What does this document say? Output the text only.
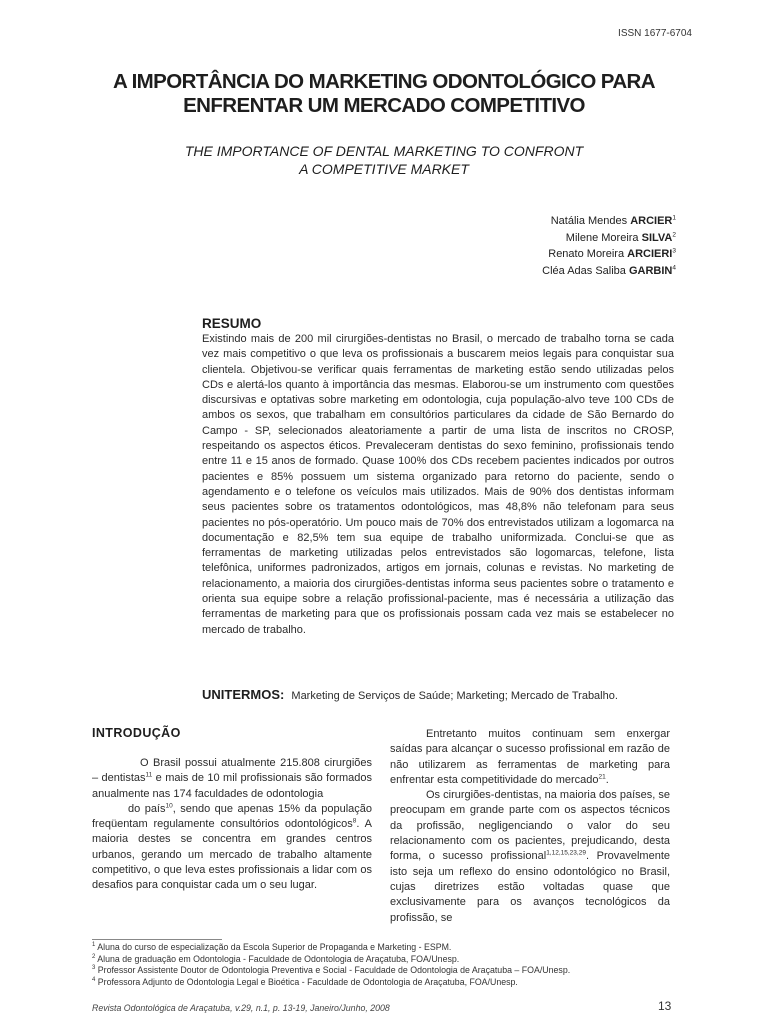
ISSN 1677-6704
A IMPORTÂNCIA DO MARKETING ODONTOLÓGICO PARA
ENFRENTAR UM MERCADO COMPETITIVO
THE IMPORTANCE OF DENTAL MARKETING TO CONFRONT
A COMPETITIVE MARKET
Natália Mendes ARCIER$^1$
Milene Moreira SILVA$^2$
Renato Moreira ARCIERI$^3$
Cléa Adas Saliba GARBIN$^4$
RESUMO
Existindo mais de 200 mil cirurgiões-dentistas no Brasil, o mercado de trabalho torna se cada vez mais competitivo o que leva os profissionais a buscarem meios legais para conquistar sua clientela. Objetivou-se verificar quais ferramentas de marketing estão sendo utilizadas pelos CDs e alertá-los quanto à importância das mesmas. Elaborou-se um instrumento com questões discursivas e optativas sobre marketing em odontologia, cuja população-alvo teve 100 CDs de ambos os sexos, que trabalham em consultórios particulares da cidade de São Bernardo do Campo - SP, selecionados aleatoriamente a partir de uma lista de inscritos no CROSP, respeitando os aspectos éticos. Prevaleceram dentistas do sexo feminino, profissionais tendo entre 11 e 15 anos de formado. Quase 100% dos CDs recebem pacientes indicados por outros pacientes e 85% possuem um sistema organizado para retorno do paciente, sendo o agendamento e o telefone os veículos mais utilizados. Mais de 90% dos dentistas informam seus pacientes sobre os tratamentos odontológicos, mas 48,8% não telefonam para seus pacientes no pós-operatório. Um pouco mais de 70% dos entrevistados utilizam a logomarca na documentação e 82,5% tem sua equipe de trabalho uniformizada. Conclui-se que as ferramentas de marketing utilizadas pelos entrevistados são logomarcas, telefone, lista telefônica, uniformes padronizados, artigos em jornais, colunas e revistas. No marketing de relacionamento, a maioria dos cirurgiões-dentistas informa seus pacientes sobre o tratamento e orienta sua equipe sobre a relação profissional-paciente, mas é necessária a utilização das ferramentas de marketing para que os profissionais possam cada vez mais se estabelecer no mercado de trabalho.
UNITERMOS: Marketing de Serviços de Saúde; Marketing; Mercado de Trabalho.
INTRODUÇÃO

O Brasil possui atualmente 215.808 cirurgiões – dentistas$^{11}$ e mais de 10 mil profissionais são formados anualmente nas 174 faculdades de odontologia

do país$^{10}$, sendo que apenas 15% da população freqüentam regulamente consultórios odontológicos$^8$. A maioria destes se concentra em grandes centros urbanos, gerando um mercado de trabalho altamente competitivo, o que leva estes profissionais a lidar com os desafios para conquistar cada um o seu lugar.

Entretanto muitos continuam sem enxergar saídas para alcançar o sucesso profissional em razão de não utilizarem as ferramentas de marketing para enfrentar esta competitividade do mercado$^{21}$.

Os cirurgiões-dentistas, na maioria dos países, se preocupam em grande parte com os aspectos técnicos da profissão, negligenciando o valor do seu relacionamento com os pacientes, prejudicando, desta forma, o sucesso profissional$^{1,12,15,23,29}$. Provavelmente isto seja um reflexo do ensino odontológico no Brasil, cujas diretrizes estão voltadas quase que exclusivamente para os avanços tecnológicos da profissão, se

$^1$ Aluna do curso de especialização da Escola Superior de Propaganda e Marketing - ESPM.
$^2$ Aluna de graduação em Odontologia - Faculdade de Odontologia de Araçatuba, FOA/Unesp.
$^3$ Professor Assistente Doutor de Odontologia Preventiva e Social - Faculdade de Odontologia de Araçatuba – FOA/Unesp.
$^4$ Professora Adjunto de Odontologia Legal e Bioética - Faculdade de Odontologia de Araçatuba, FOA/Unesp.
Revista Odontológica de Araçatuba, v.29, n.1, p. 13-19, Janeiro/Junho, 2008	13
